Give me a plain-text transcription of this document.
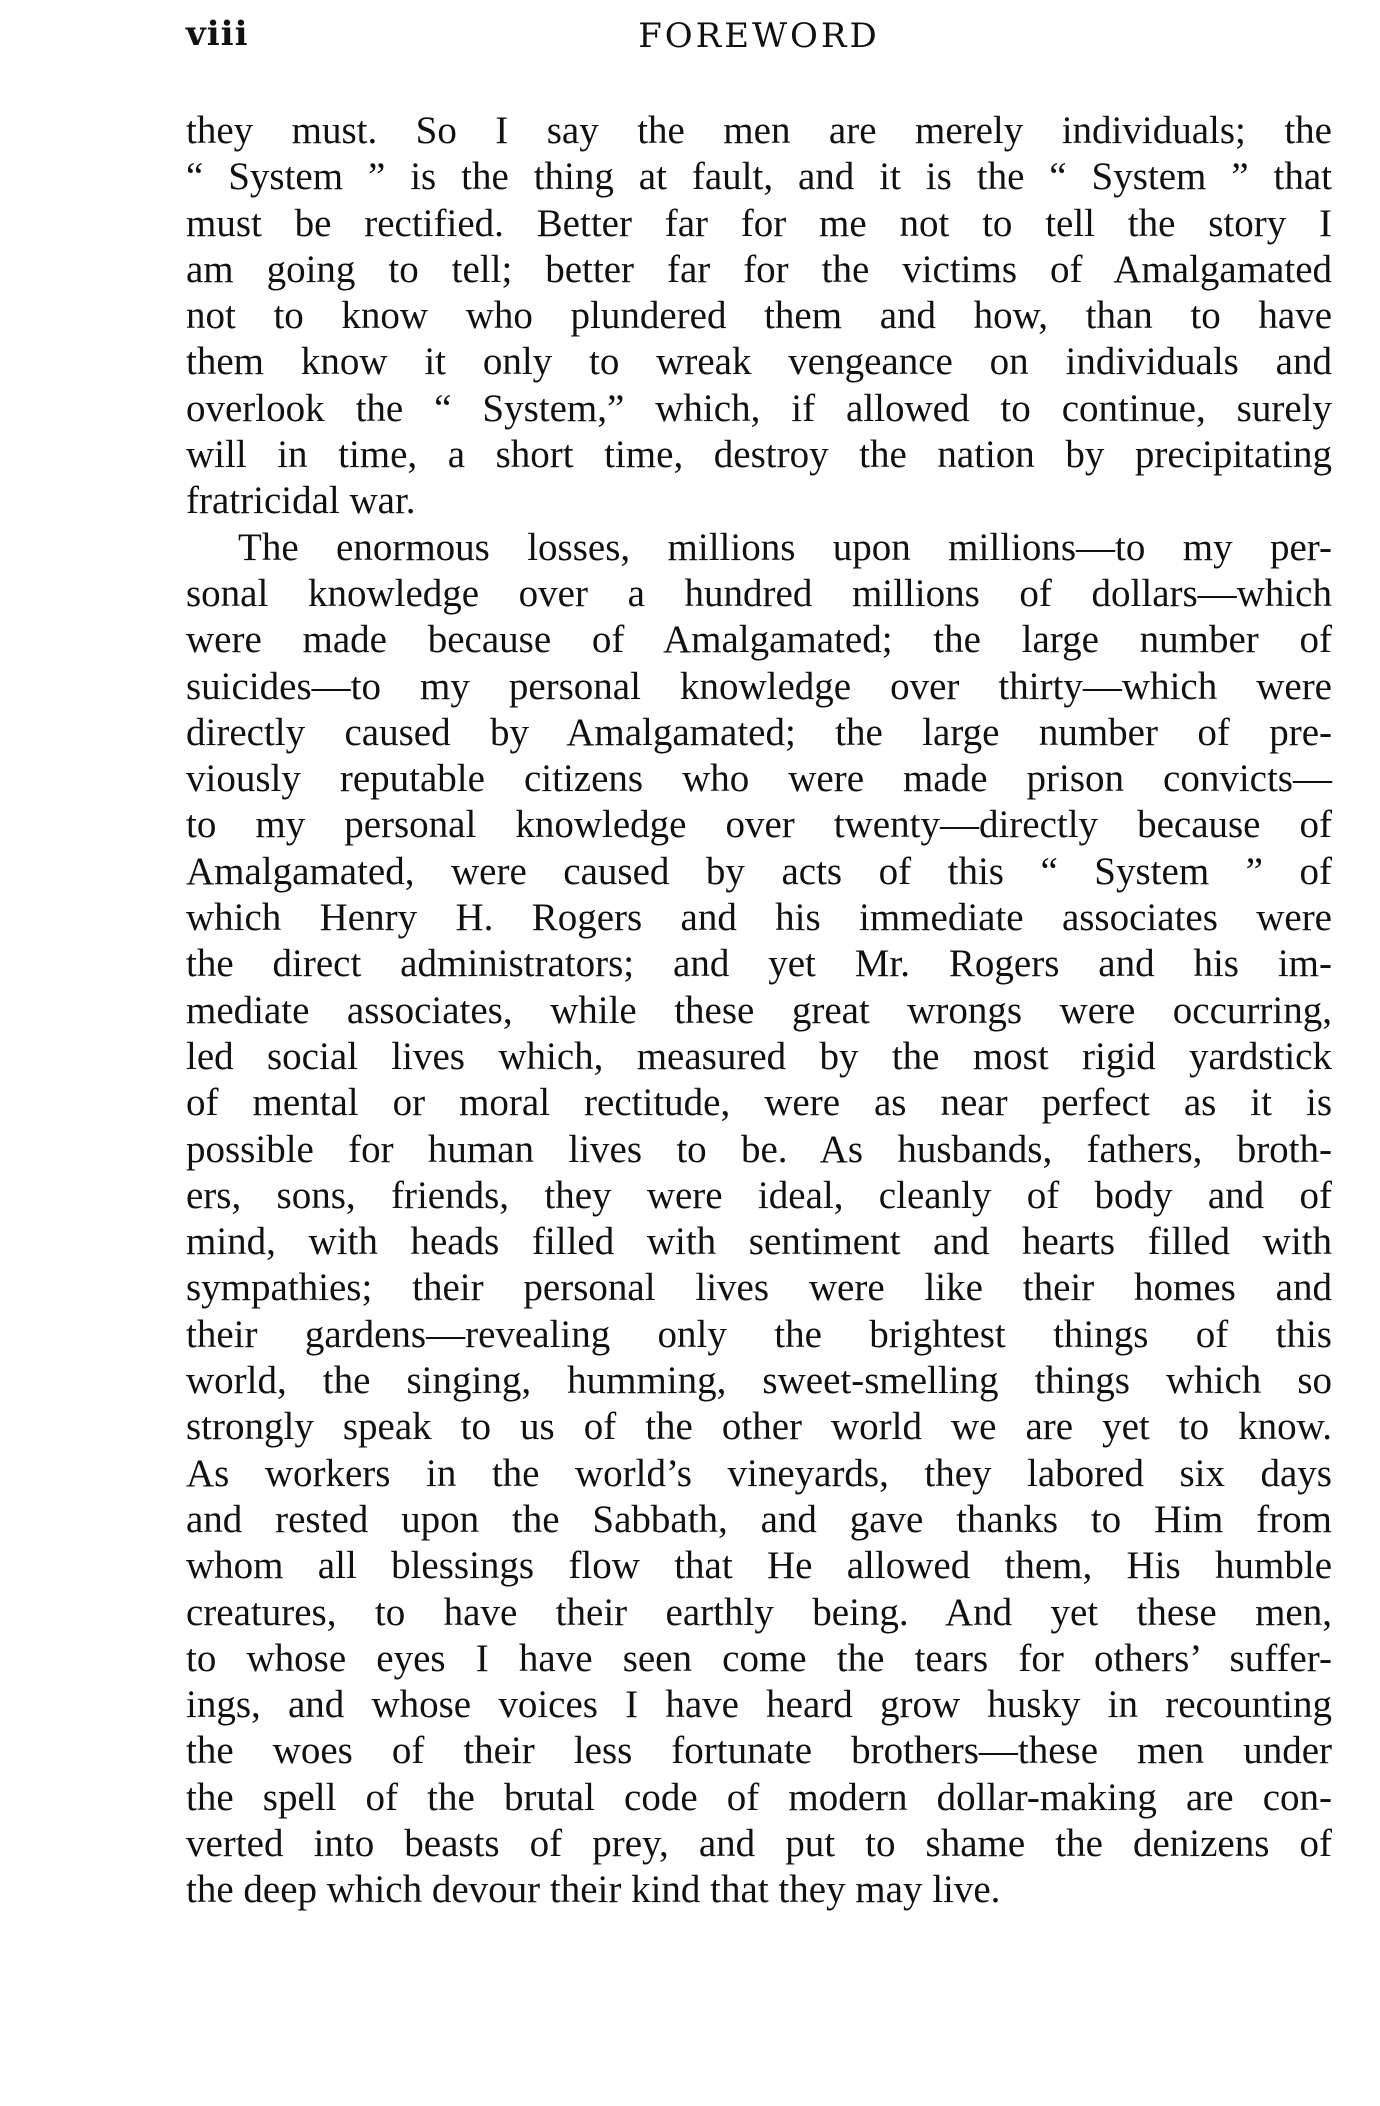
viii	FOREWORD
they must. So I say the men are merely individuals; the
“ System ” is the thing at fault, and it is the “ System ” that
must be rectified. Better far for me not to tell the story I
am going to tell; better far for the victims of Amalgamated
not to know who plundered them and how, than to have
them know it only to wreak vengeance on individuals and
overlook the “ System,” which, if allowed to continue, surely
will in time, a short time, destroy the nation by precipitating
fratricidal war.
The enormous losses, millions upon millions—to my per-
sonal knowledge over a hundred millions of dollars—which
were made because of Amalgamated; the large number of
suicides—to my personal knowledge over thirty—which were
directly caused by Amalgamated; the large number of pre-
viously reputable citizens who were made prison convicts—
to my personal knowledge over twenty—directly because of
Amalgamated, were caused by acts of this “ System ” of
which Henry H. Rogers and his immediate associates were
the direct administrators; and yet Mr. Rogers and his im-
mediate associates, while these great wrongs were occurring,
led social lives which, measured by the most rigid yardstick
of mental or moral rectitude, were as near perfect as it is
possible for human lives to be. As husbands, fathers, broth-
ers, sons, friends, they were ideal, cleanly of body and of
mind, with heads filled with sentiment and hearts filled with
sympathies; their personal lives were like their homes and
their gardens—revealing only the brightest things of this
world, the singing, humming, sweet-smelling things which so
strongly speak to us of the other world we are yet to know.
As workers in the world’s vineyards, they labored six days
and rested upon the Sabbath, and gave thanks to Him from
whom all blessings flow that He allowed them, His humble
creatures, to have their earthly being. And yet these men,
to whose eyes I have seen come the tears for others’ suffer-
ings, and whose voices I have heard grow husky in recounting
the woes of their less fortunate brothers—these men under
the spell of the brutal code of modern dollar-making are con-
verted into beasts of prey, and put to shame the denizens of
the deep which devour their kind that they may live.
